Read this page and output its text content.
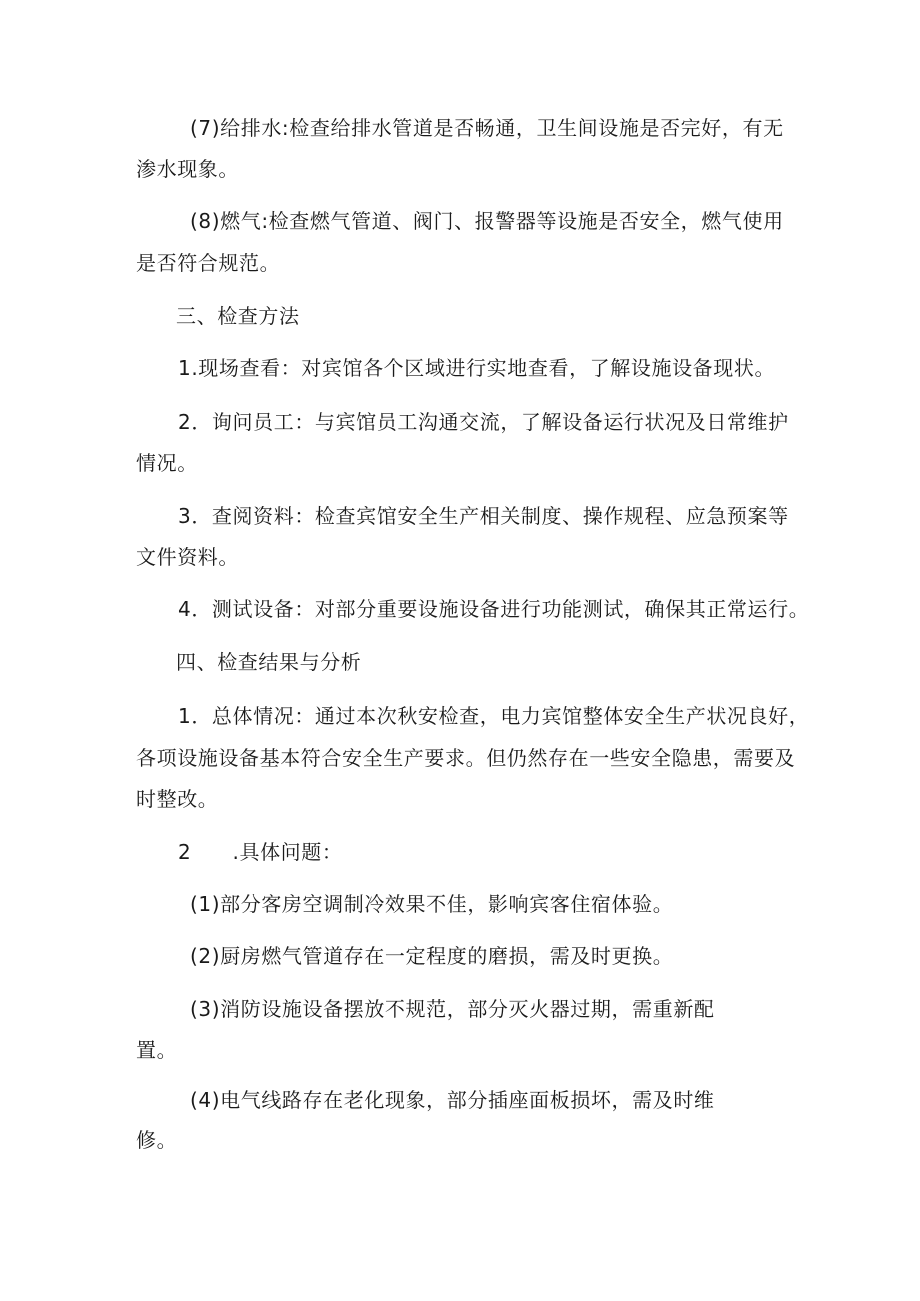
(7)给排水:检查给排水管道是否畅通，卫生间设施是否完好，有无
渗水现象。
(8)燃气:检查燃气管道、阀门、报警器等设施是否安全，燃气使用
是否符合规范。
三、检查方法
1.现场查看：对宾馆各个区域进行实地查看，了解设施设备现状。
2．询问员工：与宾馆员工沟通交流，了解设备运行状况及日常维护
情况。
3．查阅资料：检查宾馆安全生产相关制度、操作规程、应急预案等
文件资料。
4．测试设备：对部分重要设施设备进行功能测试，确保其正常运行。
四、检查结果与分析
1．总体情况：通过本次秋安检查，电力宾馆整体安全生产状况良好，
各项设施设备基本符合安全生产要求。但仍然存在一些安全隐患，需要及
时整改。
2　　.具体问题：
(1)部分客房空调制冷效果不佳，影响宾客住宿体验。
(2)厨房燃气管道存在一定程度的磨损，需及时更换。
(3)消防设施设备摆放不规范，部分灭火器过期，需重新配
置。
(4)电气线路存在老化现象，部分插座面板损坏，需及时维
修。
